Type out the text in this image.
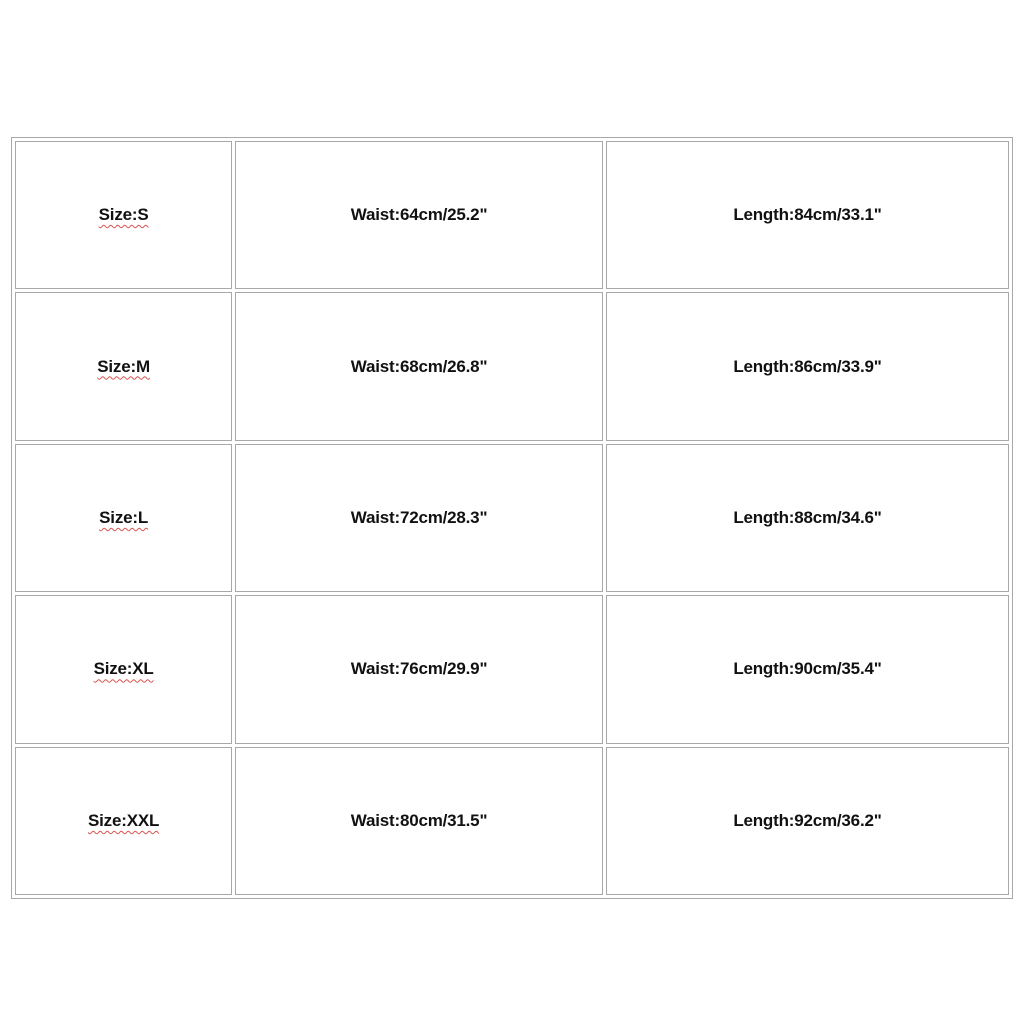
Size:S	Waist:64cm/25.2"	Length:84cm/33.1"
Size:M	Waist:68cm/26.8"	Length:86cm/33.9"
Size:L	Waist:72cm/28.3"	Length:88cm/34.6"
Size:XL	Waist:76cm/29.9"	Length:90cm/35.4"
Size:XXL	Waist:80cm/31.5"	Length:92cm/36.2"
